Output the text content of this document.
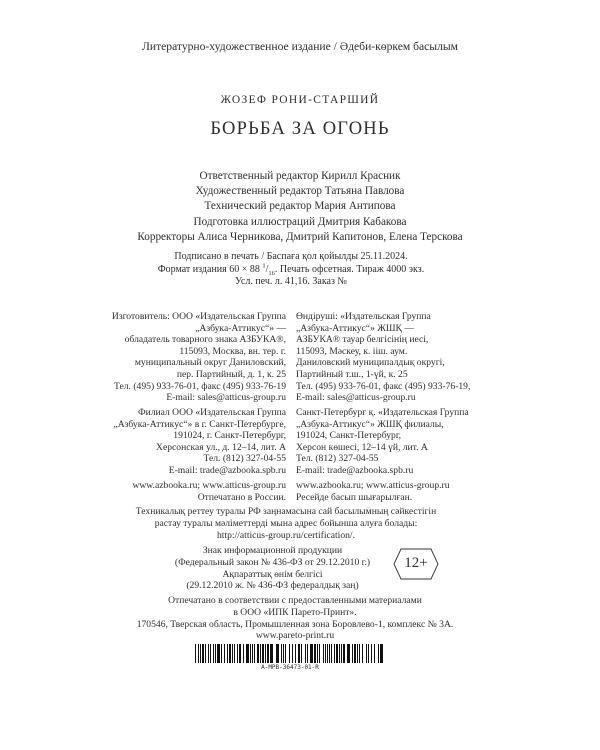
Литературно-художественное издание / Әдеби-көркем басылым
ЖОЗЕФ РОНИ-СТАРШИЙ
БОРЬБА ЗА ОГОНЬ
Ответственный редактор Кирилл Красник
Художественный редактор Татьяна Павлова
Технический редактор Мария Антипова
Подготовка иллюстраций Дмитрия Кабакова
Корректоры Алиса Черникова, Дмитрий Капитонов, Елена Терскова
Подписано в печать / Баспаға қол қойылды 25.11.2024.
Формат издания 60 × 88 $^1/_{16}$. Печать офсетная. Тираж 4000 экз.
Усл. печ. л. 41,16. Заказ №
Изготовитель: ООО «Издательская Группа
„Азбука-Аттикус“» —
обладатель товарного знака АЗБУКА®,
115093, Москва, вн. тер. г.
муниципальный округ Даниловский,
пер. Партийный, д. 1, к. 25
Тел. (495) 933-76-01, факс (495) 933-76-19
E-mail: sales@atticus-group.ru
Өндіруші: «Издательская Группа
„Азбука-Аттикус“» ЖШҚ —
АЗБУКА® тауар белгісінің иесі,
115093, Мәскеу, к. ііш. аум.
Даниловский муниципалдық округі,
Партийный т.ш., 1-үй, к. 25
Тел. (495) 933-76-01, факс (495) 933-76-19,
E-mail: sales@atticus-group.ru
Филиал ООО «Издательская Группа
„Азбука-Аттикус“» в г. Санкт-Петербурге,
191024, г. Санкт-Петербург,
Херсонская ул., д. 12–14, лит. А
Тел. (812) 327-04-55
E-mail: trade@azbooka.spb.ru
Санкт-Петербург қ. «Издательская Группа
„Азбука-Аттикус“» ЖШҚ филиалы,
191024, Санкт-Петербург,
Херсон көшесі, 12–14 үй, лит. А
Тел. (812) 327-04-55
E-mail: trade@azbooka.spb.ru
www.azbooka.ru; www.atticus-group.ru
Отпечатано в России.
www.azbooka.ru; www.atticus-group.ru
Ресейде басып шығарылған.
Техникалық реттеу туралы РФ заңнамасына сай басылымның сәйкестігін
растау туралы мәліметтерді мына адрес бойынша алуға болады:
http://atticus-group.ru/certification/.
Знак информационной продукции
(Федеральный закон № 436-ФЗ от 29.12.2010 г.)
Ақпараттық өнім белгісі
(29.12.2010 ж. № 436-ФЗ федералдық заң)
12+
Отпечатано в соответствии с предоставленными материалами
в ООО «ИПК Парето-Принт».
170546, Тверская область, Промышленная зона Боровлево-1, комплекс № 3А.
www.pareto-print.ru
A-MPB-36473-01-R
